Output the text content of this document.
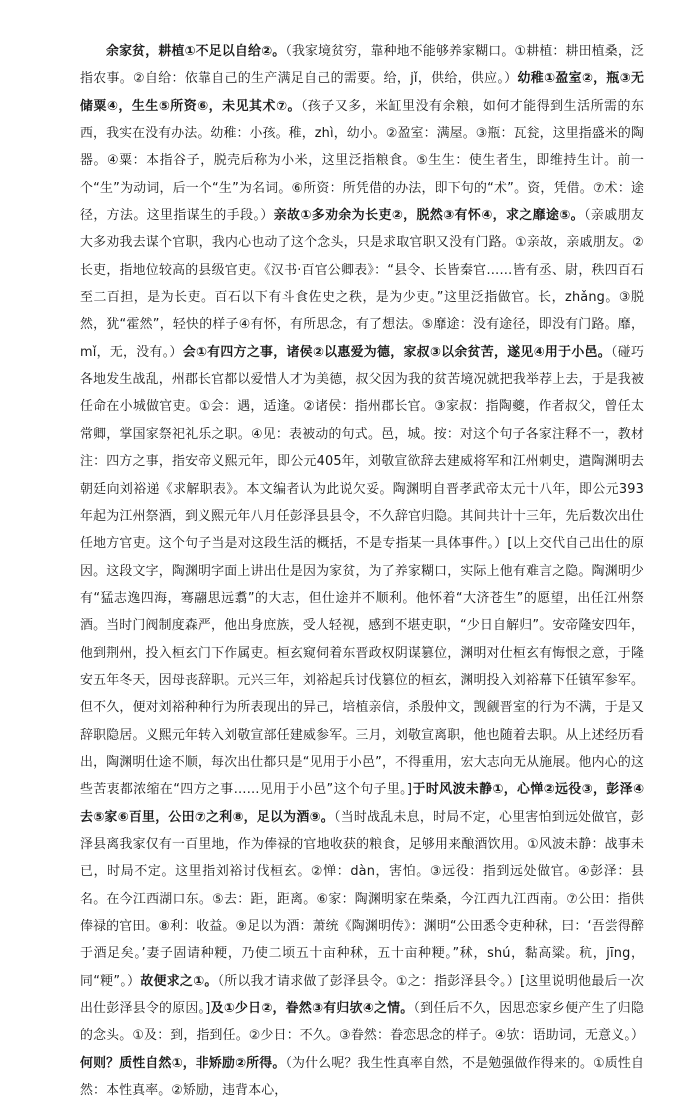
余家贫，耕植①不足以自给②。（我家境贫穷，靠种地不能够养家糊口。①耕植：耕田植桑，泛指农事。②自给：依靠自己的生产满足自己的需要。给，jǐ，供给，供应。）幼稚①盈室②，瓶③无储粟④，生生⑤所资⑥，未见其术⑦。（孩子又多，米缸里没有余粮，如何才能得到生活所需的东西，我实在没有办法。幼稚：小孩。稚，zhì，幼小。②盈室：满屋。③瓶：瓦瓮，这里指盛米的陶器。④粟：本指谷子，脱壳后称为小米，这里泛指粮食。⑤生生：使生者生，即维持生计。前一个“生”为动词，后一个“生”为名词。⑥所资：所凭借的办法，即下句的“术”。资，凭借。⑦术：途径，方法。这里指谋生的手段。）亲故①多劝余为长吏②，脱然③有怀④，求之靡途⑤。（亲戚朋友大多劝我去谋个官职，我内心也动了这个念头，只是求取官职又没有门路。①亲故，亲戚朋友。②长吏，指地位较高的县级官吏。《汉书·百官公卿表》：“县令、长皆秦官……皆有丞、尉，秩四百石至二百担，是为长吏。百石以下有斗食佐史之秩，是为少吏。”这里泛指做官。长，zhǎng。③脱然，犹“霍然”，轻快的样子④有怀，有所思念，有了想法。⑤靡途：没有途径，即没有门路。靡，mǐ，无，没有。）会①有四方之事，诸侯②以惠爱为德，家叔③以余贫苦，遂见④用于小邑。（碰巧各地发生战乱，州郡长官都以爱惜人才为美德，叔父因为我的贫苦境况就把我举荐上去，于是我被任命在小城做官吏。①会：遇，适逢。②诸侯：指州郡长官。③家叔：指陶夔，作者叔父，曾任太常卿，掌国家祭祀礼乐之职。④见：表被动的句式。邑，城。按：对这个句子各家注释不一，教材注：四方之事，指安帝义熙元年，即公元405年，刘敬宣欲辞去建威将军和江州刺史，遣陶渊明去朝廷向刘裕递《求解职表》。本文编者认为此说欠妥。陶渊明自晋孝武帝太元十八年，即公元393年起为江州祭酒，到义熙元年八月任彭泽县县令，不久辞官归隐。其间共计十三年，先后数次出仕任地方官吏。这个句子当是对这段生活的概括，不是专指某一具体事件。）[以上交代自己出仕的原因。这段文字，陶渊明字面上讲出仕是因为家贫，为了养家糊口，实际上他有难言之隐。陶渊明少有“猛志逸四海，骞翮思远翥”的大志，但仕途并不顺利。他怀着“大济苍生”的愿望，出任江州祭酒。当时门阀制度森严，他出身庶族，受人轻视，感到不堪吏职，“少日自解归”。安帝隆安四年，他到荆州，投入桓玄门下作属吏。桓玄窥伺着东晋政权阴谋篡位，渊明对仕桓玄有悔恨之意，于隆安五年冬天，因母丧辞职。元兴三年，刘裕起兵讨伐篡位的桓玄，渊明投入刘裕幕下任镇军参军。但不久，便对刘裕种种行为所表现出的异己，培植亲信，杀殷仲文，觊觎晋室的行为不满，于是又辞职隐居。义熙元年转入刘敬宣部任建威参军。三月，刘敬宣离职，他也随着去职。从上述经历看出，陶渊明仕途不顺，每次出仕都只是“见用于小邑”，不得重用，宏大志向无从施展。他内心的这些苦衷都浓缩在“四方之事……见用于小邑”这个句子里。]于时风波未静①，心惮②远役③，彭泽④去⑤家⑥百里，公田⑦之利⑧，足以为酒⑨。（当时战乱未息，时局不定，心里害怕到远处做官，彭泽县离我家仅有一百里地，作为俸禄的官地收获的粮食，足够用来酿酒饮用。①风波未静：战事未已，时局不定。这里指刘裕讨伐桓玄。②惮：dàn，害怕。③远役：指到远处做官。④彭泽：县名。在今江西湖口东。⑤去：距，距离。⑥家：陶渊明家在柴桑，今江西九江西南。⑦公田：指供俸禄的官田。⑧利：收益。⑨足以为酒：萧统《陶渊明传》：渊明“公田悉令吏种秫，曰：‘吾尝得醉于酒足矣。’妻子固请种粳，乃使二顷五十亩种秫，五十亩种粳。”秫，shú，黏高粱。秔，jīng，同“粳”。）故便求之①。（所以我才请求做了彭泽县令。①之：指彭泽县令。）[这里说明他最后一次出仕彭泽县令的原因。]及①少日②，眷然③有归欤④之情。（到任后不久，因思恋家乡便产生了归隐的念头。①及：到，指到任。②少日：不久。③眷然：眷恋思念的样子。④欤：语助词，无意义。）何则？质性自然①，非矫励②所得。（为什么呢？我生性真率自然，不是勉强做作得来的。①质性自然：本性真率。②矫励，违背本心，
